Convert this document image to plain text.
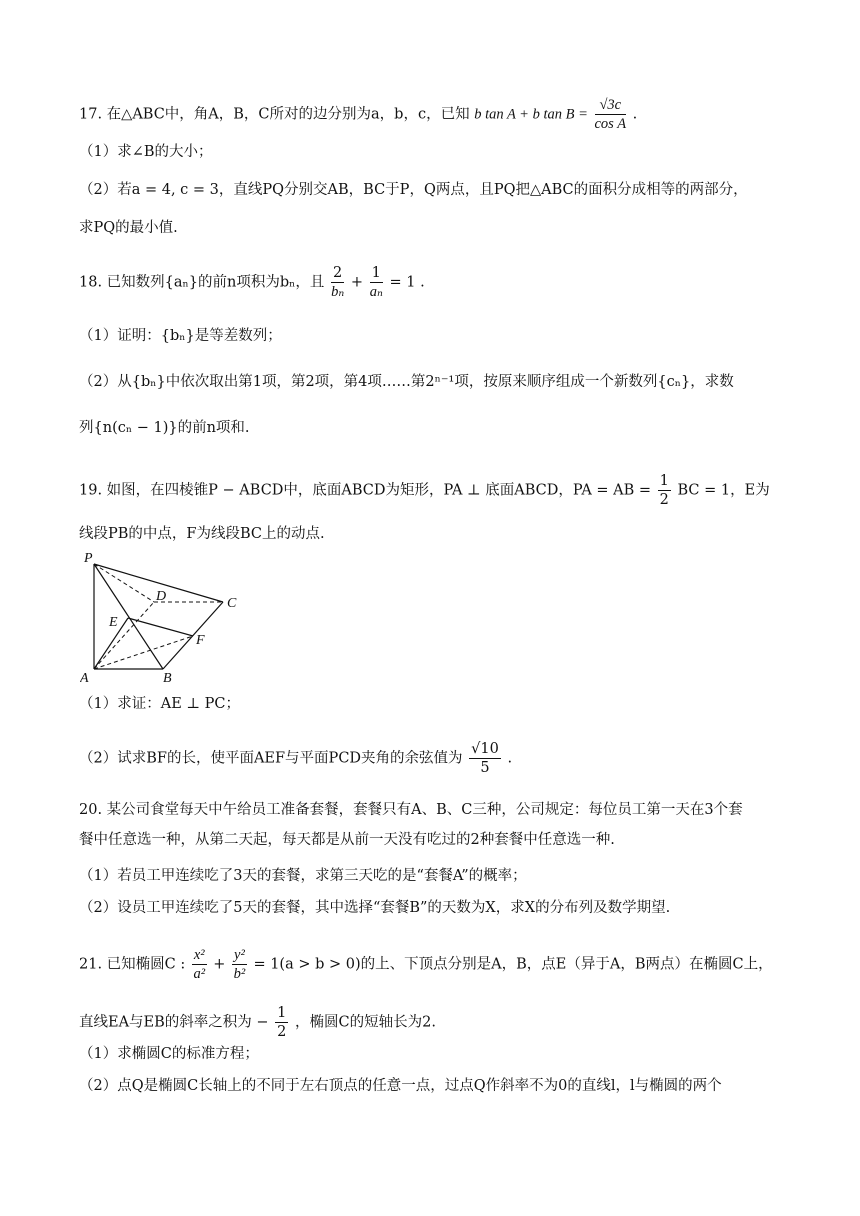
17. 在△ABC中，角A，B，C所对的边分别为a，b，c，已知 b tan A + b $\tan B = \frac{√3c}{\text{cos A}}$ .
（1）求∠B的大小；
（2）若a = 4, c = 3，直线PQ分别交AB，BC于P，Q两点，且PQ把△ABC的面积分成相等的两部分，
求PQ的最小值.
18. 已知数列{aₙ}的前n项积为bₙ，且 $\frac{2}{\text{bₙ}} + \frac{1}{\text{aₙ}} = 1$ .
（1）证明：{bₙ}是等差数列；
（2）从{bₙ}中依次取出第1项，第2项，第4项……第2ⁿ⁻¹项，按原来顺序组成一个新数列{cₙ}，求数
列{n(cₙ − 1)}的前n项和.
19. 如图，在四棱锥P − ABCD中，底面ABCD为矩形，PA ⊥ 底面ABCD，PA = AB = $\frac{1}{2}$ BC = 1，E为
线段PB的中点，F为线段BC上的动点.
P
D	C
E
F
A	B
（1）求证：AE ⊥ PC；
（2）试求BF的长，使平面AEF与平面PCD夹角的余弦值为 $\frac{√10}{5}$ .
20. 某公司食堂每天中午给员工准备套餐，套餐只有A、B、C三种，公司规定：每位员工第一天在3个套
餐中任意选一种，从第二天起，每天都是从前一天没有吃过的2种套餐中任意选一种.
（1）若员工甲连续吃了3天的套餐，求第三天吃的是“套餐A”的概率；
（2）设员工甲连续吃了5天的套餐，其中选择“套餐B”的天数为X，求X的分布列及数学期望.
21. 已知椭圆C : $\frac{\text{x²}}{\text{a²}} + \frac{\text{y²}}{\text{b²}} = 1(a > b > 0)$的上、下顶点分别是A，B，点E（异于A，B两点）在椭圆C上，
直线EA与EB的斜率之积为 − $\frac{1}{2}$ ，椭圆C的短轴长为2.
（1）求椭圆C的标准方程；
（2）点Q是椭圆C长轴上的不同于左右顶点的任意一点，过点Q作斜率不为0的直线l，l与椭圆的两个
